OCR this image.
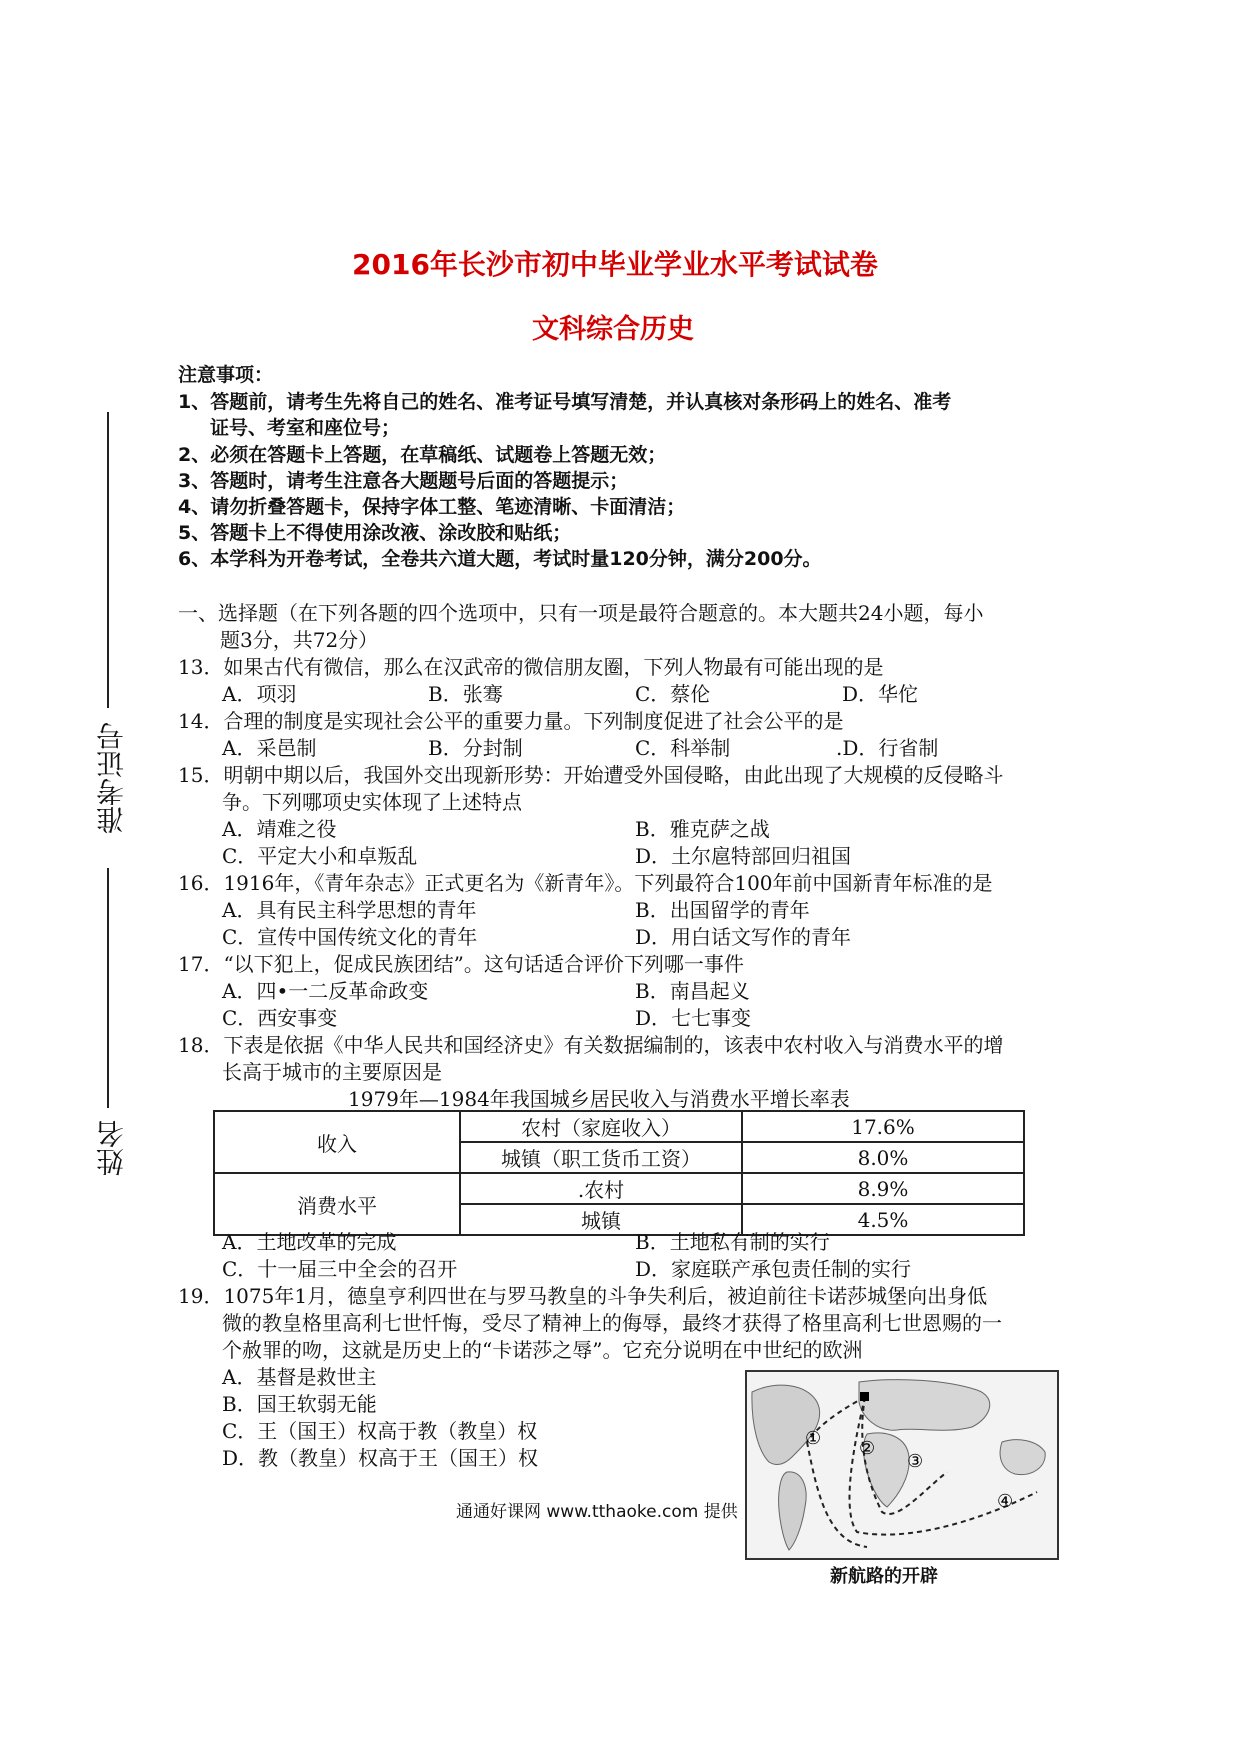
2016年长沙市初中毕业学业水平考试试卷
文科综合历史
准考证号
姓名
注意事项：
1、答题前，请考生先将自己的姓名、准考证号填写清楚，并认真核对条形码上的姓名、准考
证号、考室和座位号；
2、必须在答题卡上答题，在草稿纸、试题卷上答题无效；
3、答题时，请考生注意各大题题号后面的答题提示；
4、请勿折叠答题卡，保持字体工整、笔迹清晰、卡面清洁；
5、答题卡上不得使用涂改液、涂改胶和贴纸；
6、本学科为开卷考试，全卷共六道大题，考试时量120分钟，满分200分。
一、选择题（在下列各题的四个选项中，只有一项是最符合题意的。本大题共24小题，每小
题3分，共72分）
13．如果古代有微信，那么在汉武帝的微信朋友圈，下列人物最有可能出现的是
A．项羽	B．张骞	C．蔡伦	D．华佗
14．合理的制度是实现社会公平的重要力量。下列制度促进了社会公平的是
A．采邑制	B．分封制	C．科举制	.D．行省制
15．明朝中期以后，我国外交出现新形势：开始遭受外国侵略，由此出现了大规模的反侵略斗
争。下列哪项史实体现了上述特点
A．靖难之役	B．雅克萨之战
C．平定大小和卓叛乱	D．土尔扈特部回归祖国
16．1916年，《青年杂志》正式更名为《新青年》。下列最符合100年前中国新青年标准的是
A．具有民主科学思想的青年	B．出国留学的青年
C．宣传中国传统文化的青年	D．用白话文写作的青年
17．“以下犯上，促成民族团结”。这句话适合评价下列哪一事件
A．四•一二反革命政变	B．南昌起义
C．西安事变	D．七七事变
18．下表是依据《中华人民共和国经济史》有关数据编制的，该表中农村收入与消费水平的增
长高于城市的主要原因是
1979年—1984年我国城乡居民收入与消费水平增长率表
收入	农村（家庭收入）	17.6%
	城镇（职工货币工资）	8.0%
消费水平	.农村	8.9%
	城镇	4.5%
A．土地改革的完成	B．土地私有制的实行
C．十一届三中全会的召开	D．家庭联产承包责任制的实行
19．1075年1月，德皇亨利四世在与罗马教皇的斗争失利后，被迫前往卡诺莎城堡向出身低
微的教皇格里高利七世忏悔，受尽了精神上的侮辱，最终才获得了格里高利七世恩赐的一
个赦罪的吻，这就是历史上的“卡诺莎之辱”。它充分说明在中世纪的欧洲
A．基督是救世主
B．国王软弱无能
C．王（国王）权高于教（教皇）权
D．教（教皇）权高于王（国王）权
① ②
③
④
新航路的开辟
通通好课网 www.tthaoke.com 提供
